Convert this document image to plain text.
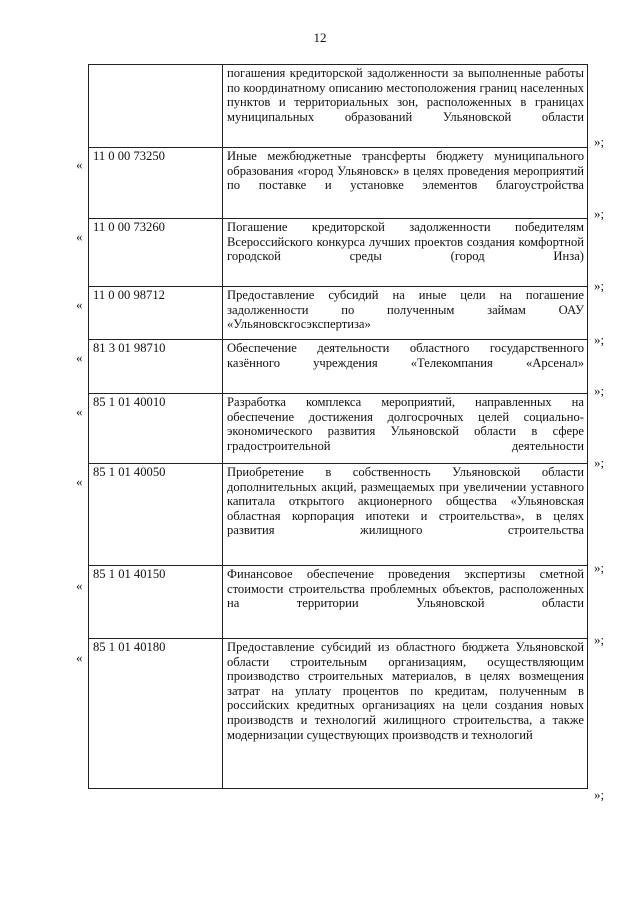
12
	погашения кредиторской задолженности за выполненные работы по координатному описанию местоположения границ населенных пунктов и территориальных зон, расположенных в границах муниципальных образований Ульяновской области
11 0 00 73250	Иные межбюджетные трансферты бюджету муниципального образования «город Ульяновск» в целях проведения мероприятий по поставке и установке элементов благоустройства
11 0 00 73260	Погашение кредиторской задолженности победителям Всероссийского конкурса лучших проектов создания комфортной городской среды (город Инза)
11 0 00 98712	Предоставление субсидий на иные цели на погашение задолженности по полученным займам ОАУ «Ульяновскгосэкспертиза»
81 3 01 98710	Обеспечение деятельности областного государственного казённого учреждения «Телекомпания «Арсенал»
85 1 01 40010	Разработка комплекса мероприятий, направленных на обеспечение достижения долгосрочных целей социально-экономического развития Ульяновской области в сфере градостроительной деятельности
85 1 01 40050	Приобретение в собственность Ульяновской области дополнительных акций, размещаемых при увеличении уставного капитала открытого акционерного общества «Ульяновская областная корпорация ипотеки и строительства», в целях развития жилищного строительства
85 1 01 40150	Финансовое обеспечение проведения экспертизы сметной стоимости строительства проблемных объектов, расположенных на территории Ульяновской области
85 1 01 40180	Предоставление субсидий из областного бюджета Ульяновской области строительным организациям, осуществляющим производство строительных материалов, в целях возмещения затрат на уплату процентов по кредитам, полученным в российских кредитных организациях на цели создания новых производств и технологий жилищного строительства, а также модернизации существующих производств и технологий
«
«
«
«
«
«
«
«
»;
»;
»;
»;
»;
»;
»;
»;
»;
